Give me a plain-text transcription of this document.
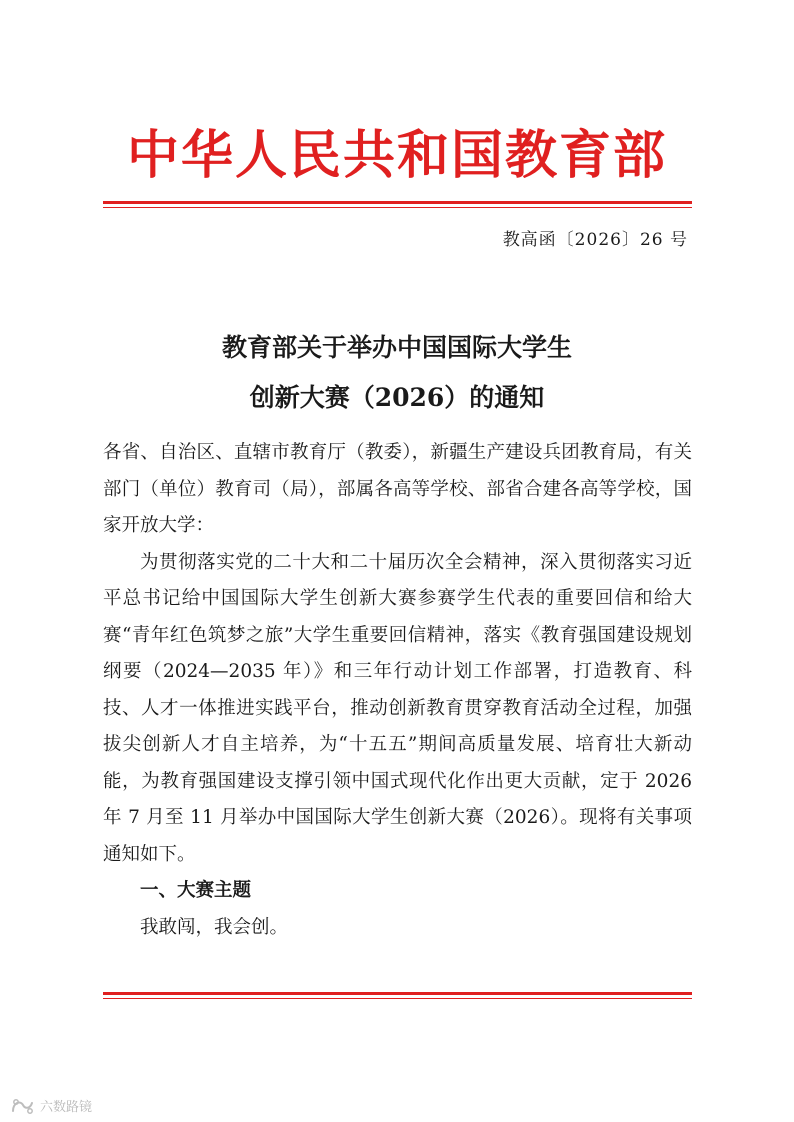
中华人民共和国教育部
教高函〔2026〕26 号
教育部关于举办中国国际大学生
创新大赛（2026）的通知

各省、自治区、直辖市教育厅（教委），新疆生产建设兵团教育局，有关部门（单位）教育司（局），部属各高等学校、部省合建各高等学校，国家开放大学：

为贯彻落实党的二十大和二十届历次全会精神，深入贯彻落实习近平总书记给中国国际大学生创新大赛参赛学生代表的重要回信和给大赛“青年红色筑梦之旅”大学生重要回信精神，落实《教育强国建设规划纲要（2024—2035 年）》和三年行动计划工作部署，打造教育、科技、人才一体推进实践平台，推动创新教育贯穿教育活动全过程，加强拔尖创新人才自主培养，为“十五五”期间高质量发展、培育壮大新动能，为教育强国建设支撑引领中国式现代化作出更大贡献，定于 2026 年 7 月至 11 月举办中国国际大学生创新大赛（2026）。现将有关事项通知如下。

一、大赛主题

我敢闯，我会创。

六数路镜
